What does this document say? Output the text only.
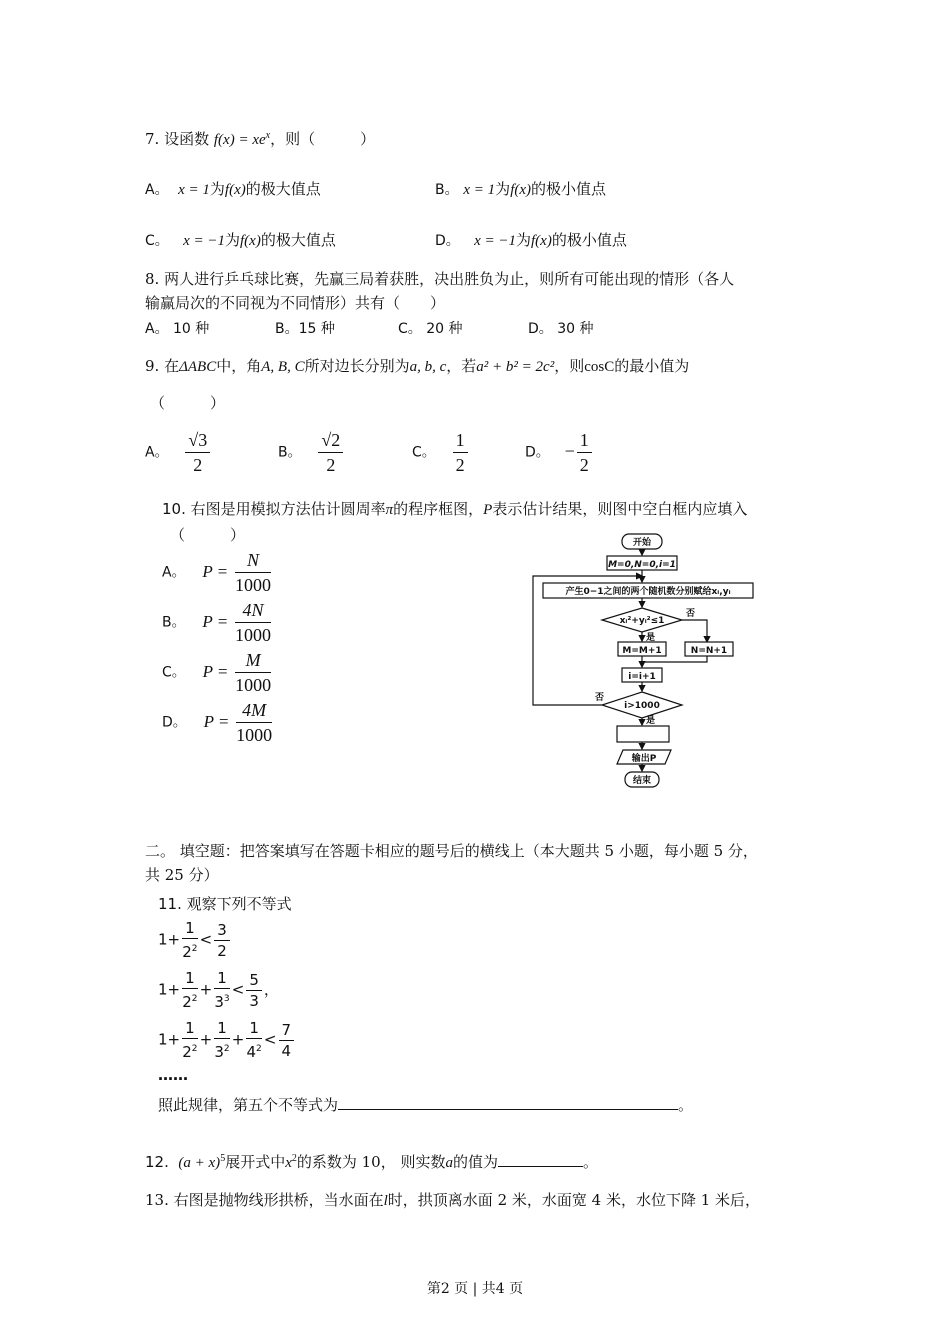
7. 设函数 $f(x) = xe^x$，则（　　　）
A。 x = 1为f(x)的极大值点	B。 x = 1为f(x)的极小值点
C。 x = −1为f(x)的极大值点	D。 x = −1为f(x)的极小值点
8. 两人进行乒乓球比赛，先赢三局着获胜，决出胜负为止，则所有可能出现的情形（各人
输赢局次的不同视为不同情形）共有（　　）
A。 10 种	B。15 种	C。 20 种	D。 30 种
9. 在ΔABC中，角A, B, C所对边长分别为a, b, c，若a² + b² = 2c²，则cosC的最小值为
（　　　）
A。 $\frac{√3}{2}$	B。 $\frac{√2}{2}$	C。 $\frac{1}{2}$	D。 − $\frac{1}{2}$
10. 右图是用模拟方法估计圆周率π的程序框图，P表示估计结果，则图中空白框内应填入
（　　　）
A。 $P = \frac{N}{1000}$
B。 $P = \frac{4N}{1000}$
C。 $P = \frac{M}{1000}$
D。 $P = \frac{4M}{1000}$
开始
M=0,N=0,i=1
产生0−1之间的两个随机数分别赋给xᵢ,yᵢ
xᵢ²+yᵢ²≤1
否
是
M=M+1	N=N+1
i=i+1
i>1000
否
是
输出P
结束
二。 填空题：把答案填写在答题卡相应的题号后的横线上（本大题共 5 小题，每小题 5 分，
共 25 分）
11. 观察下列不等式
$1+ \frac{1}{2^2} < \frac{3}{2}$
$1+ \frac{1}{2^2} + \frac{1}{3^3} < \frac{5}{3}$ ，
$1+ \frac{1}{2^2} + \frac{1}{3^2} + \frac{1}{4^2} < \frac{7}{4}$
……
照此规律，第五个不等式为	。
12. $(a + x)^5$展开式中$x^2$的系数为 10， 则实数a的值为	。
13. 右图是抛物线形拱桥，当水面在l时，拱顶离水面 2 米，水面宽 4 米，水位下降 1 米后，
第2 页 | 共4 页
